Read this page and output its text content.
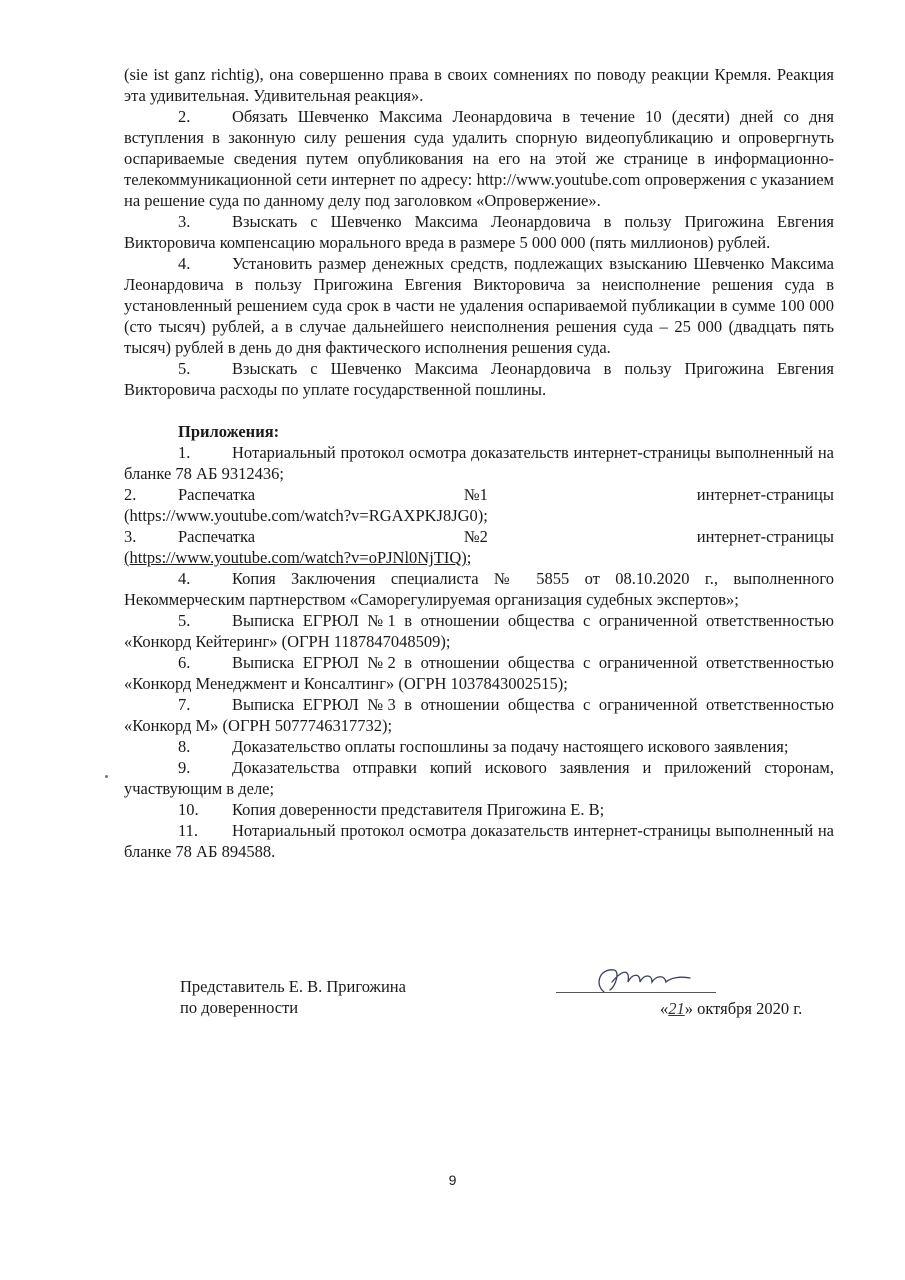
(sie ist ganz richtig), она совершенно права в своих сомнениях по поводу реакции Кремля. Реакция эта удивительная. Удивительная реакция».

2.	Обязать Шевченко Максима Леонардовича в течение 10 (десяти) дней со дня вступления в законную силу решения суда удалить спорную видеопубликацию и опровергнуть оспариваемые сведения путем опубликования на его на этой же странице в информационно-телекоммуникационной сети интернет по адресу: http://www.youtube.com опровержения с указанием на решение суда по данному делу под заголовком «Опровержение».

3.	Взыскать с Шевченко Максима Леонардовича в пользу Пригожина Евгения Викторовича компенсацию морального вреда в размере 5 000 000 (пять миллионов) рублей.

4.	Установить размер денежных средств, подлежащих взысканию Шевченко Максима Леонардовича в пользу Пригожина Евгения Викторовича за неисполнение решения суда в установленный решением суда срок в части не удаления оспариваемой публикации в сумме 100 000 (сто тысяч) рублей, а в случае дальнейшего неисполнения решения суда – 25 000 (двадцать пять тысяч) рублей в день до дня фактического исполнения решения суда.

5.	Взыскать с Шевченко Максима Леонардовича в пользу Пригожина Евгения Викторовича расходы по уплате государственной пошлины.

Приложения:

1.	Нотариальный протокол осмотра доказательств интернет-страницы выполненный на бланке 78 АБ 9312436;

2.	Распечатка	№1	интернет-страницы

(https://www.youtube.com/watch?v=RGAXPKJ8JG0);

3.	Распечатка	№2	интернет-страницы

(https://www.youtube.com/watch?v=oPJNl0NjTIQ);

4.	Копия Заключения специалиста № 5855 от 08.10.2020 г., выполненного Некоммерческим партнерством «Саморегулируемая организация судебных экспертов»;

5.	Выписка ЕГРЮЛ №1 в отношении общества с ограниченной ответственностью «Конкорд Кейтеринг» (ОГРН 1187847048509);

6.	Выписка ЕГРЮЛ №2 в отношении общества с ограниченной ответственностью «Конкорд Менеджмент и Консалтинг» (ОГРН 1037843002515);

7.	Выписка ЕГРЮЛ №3 в отношении общества с ограниченной ответственностью «Конкорд М» (ОГРН 5077746317732);

8.	Доказательство оплаты госпошлины за подачу настоящего искового заявления;

9.	Доказательства отправки копий искового заявления и приложений сторонам, участвующим в деле;

10. Копия доверенности представителя Пригожина Е. В;

11. Нотариальный протокол осмотра доказательств интернет-страницы выполненный на бланке 78 АБ 894588.

Представитель Е. В. Пригожина
по доверенности	«21» октября 2020 г.
9
